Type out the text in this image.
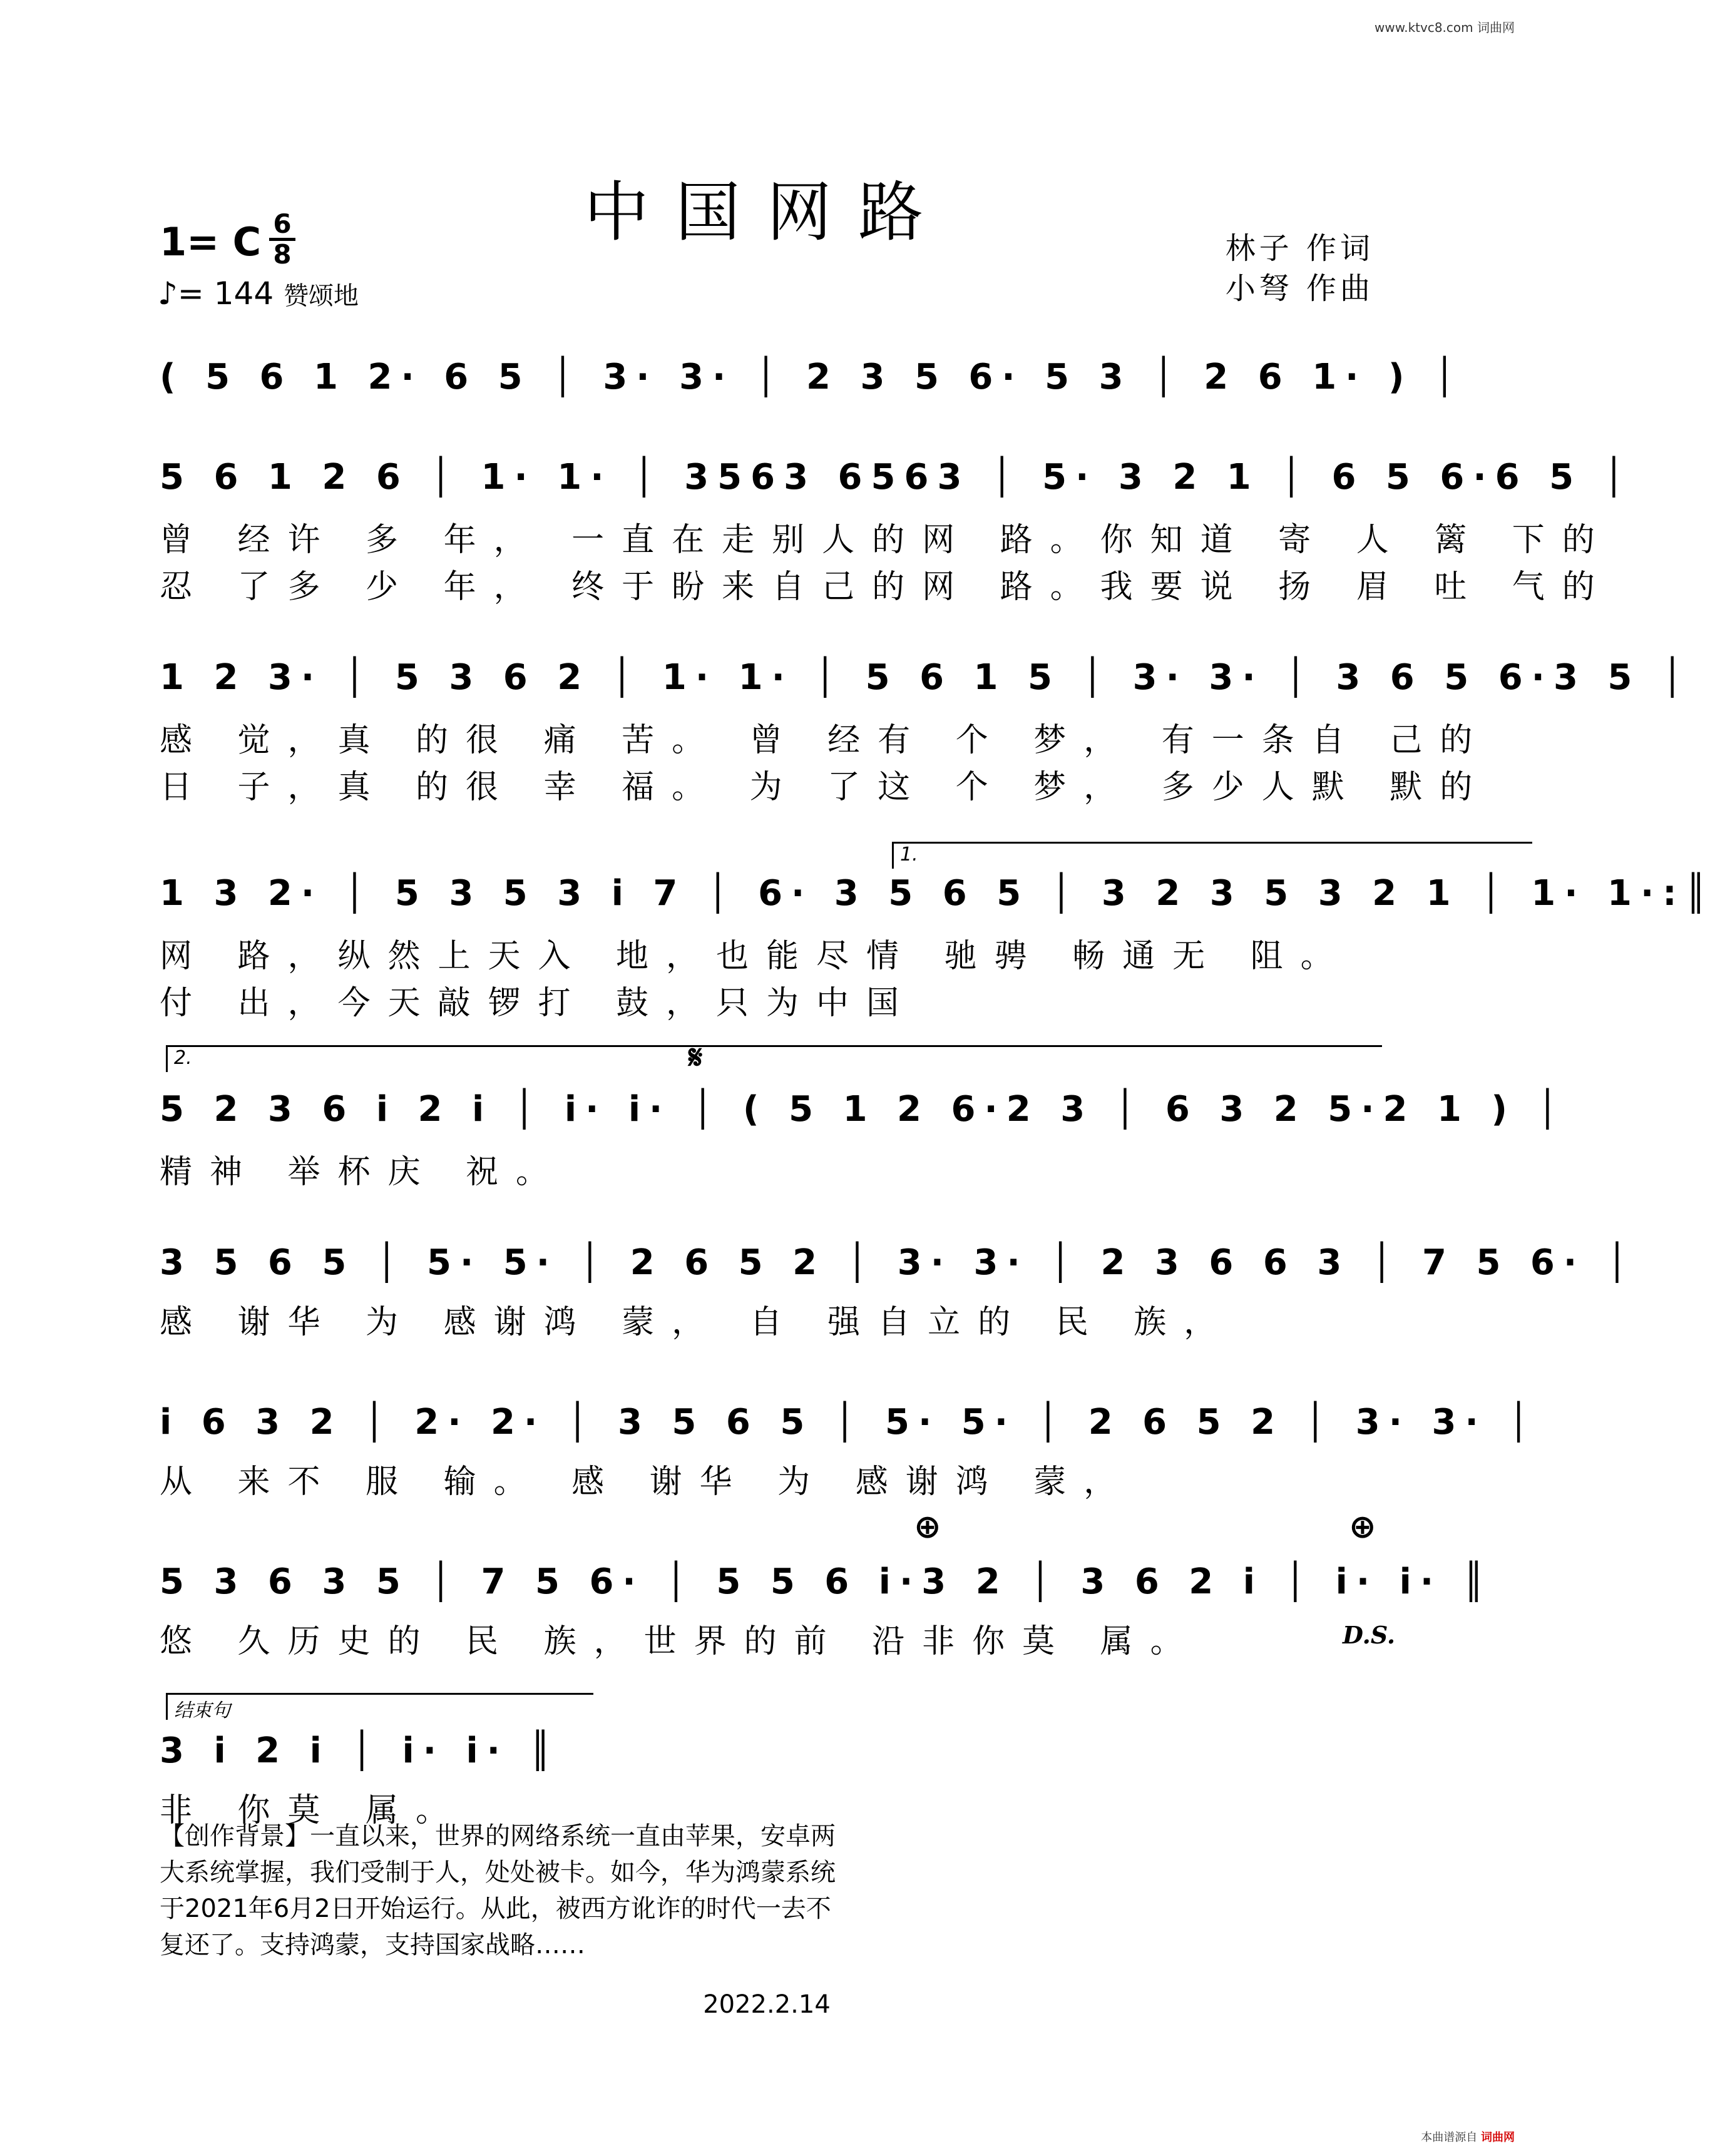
www.ktvc8.com 词曲网
中国网路
1= C 6
8
♪= 144 赞颂地
林子 作词
小弩 作曲
( 5 6 1 2· 6 5 │ 3· 3· │ 2 3 5 6· 5 3 │ 2 6 1· ) │
5 6 1 2 6 │ 1· 1· │ 3563 6563 │ 5· 3 2 1 │ 6 5 6·6 5 │
曾 经许 多 年， 一直在走别人的网 路。你知道 寄 人 篱 下的
忍 了多 少 年， 终于盼来自己的网 路。我要说 扬 眉 吐 气的
1 2 3· │ 5 3 6 2 │ 1· 1· │ 5 6 1 5 │ 3· 3· │ 3 6 5 6·3 5 │
感 觉，真 的很 痛 苦。 曾 经有 个 梦， 有一条自 己的
日 子，真 的很 幸 福。 为 了这 个 梦， 多少人默 默的
1.
1 3 2· │ 5 3 5 3 i 7 │ 6· 3 5 6 5 │ 3 2 3 5 3 2 1 │ 1· 1·:║
网 路，纵然上天入 地，也能尽情 驰骋 畅通无 阻。
付 出，今天敲锣打 鼓，只为中国
2.	𝄋
5 2 3 6 i 2 i │ i· i· │ ( 5 1 2 6·2 3 │ 6 3 2 5·2 1 ) │
精神 举杯庆 祝。
3 5 6 5 │ 5· 5· │ 2 6 5 2 │ 3· 3· │ 2 3 6 6 3 │ 7 5 6· │
感 谢华 为 感谢鸿 蒙， 自 强自立的 民 族，
i 6 3 2 │ 2· 2· │ 3 5 6 5 │ 5· 5· │ 2 6 5 2 │ 3· 3· │
从 来不 服 输。 感 谢华 为 感谢鸿 蒙，
⊕	⊕
5 3 6 3 5 │ 7 5 6· │ 5 5 6 i·3 2 │ 3 6 2 i │ i· i· ║
悠 久历史的 民 族，世界的前 沿非你莫 属。	D.S.
结束句
3 i 2 i │ i· i· ║
非 你莫 属。
【创作背景】一直以来，世界的网络系统一直由苹果，安卓两大系统掌握，我们受制于人，处处被卡。如今，华为鸿蒙系统于2021年6月2日开始运行。从此，被西方讹诈的时代一去不复还了。支持鸿蒙，支持国家战略……
2022.2.14
本曲谱源自 词曲网
